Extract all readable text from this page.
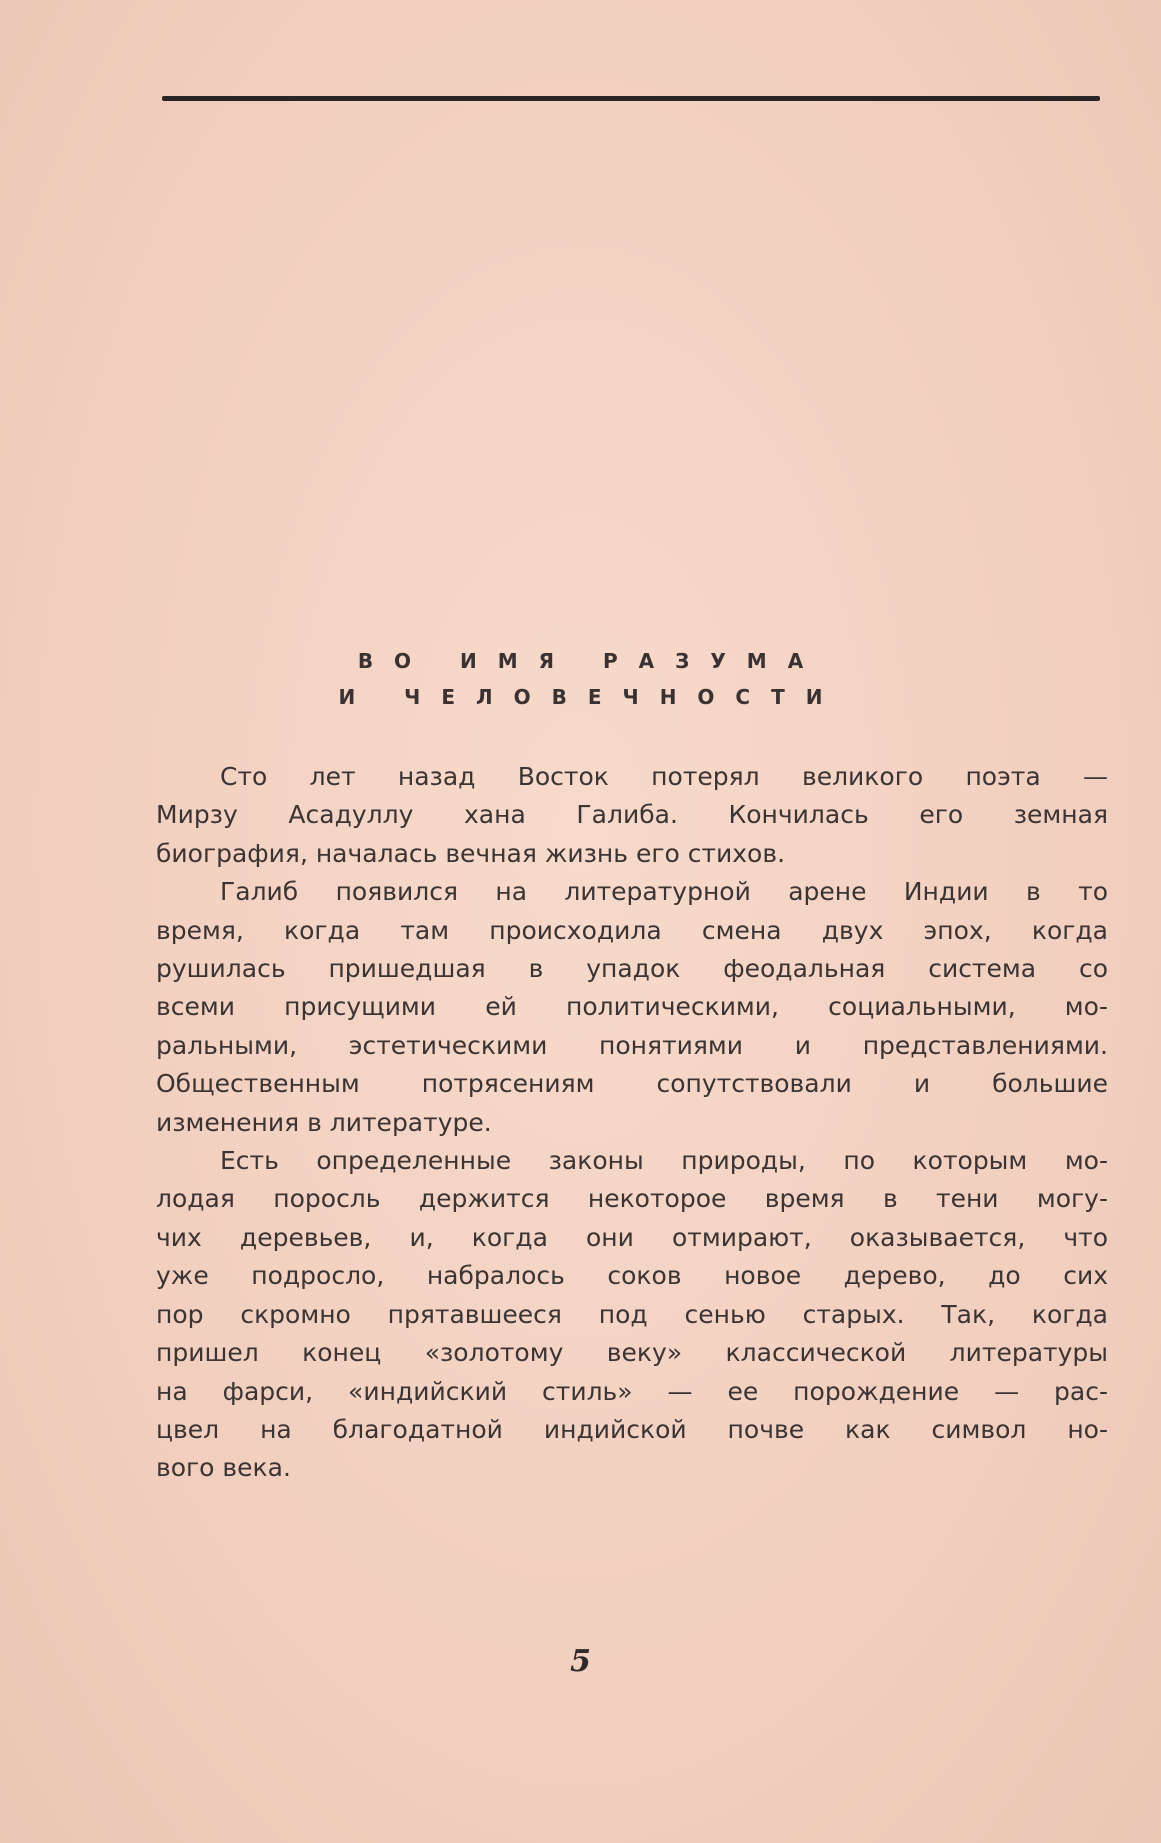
ВО ИМЯ РАЗУМА
И ЧЕЛОВЕЧНОСТИ
Сто лет назад Восток потерял великого поэта —
Мирзу Асадуллу хана Галиба. Кончилась его земная
биография, началась вечная жизнь его стихов.
Галиб появился на литературной арене Индии в то
время, когда там происходила смена двух эпох, когда
рушилась пришедшая в упадок феодальная система со
всеми присущими ей политическими, социальными, мо-
ральными, эстетическими понятиями и представлениями.
Общественным потрясениям сопутствовали и большие
изменения в литературе.
Есть определенные законы природы, по которым мо-
лодая поросль держится некоторое время в тени могу-
чих деревьев, и, когда они отмирают, оказывается, что
уже подросло, набралось соков новое дерево, до сих
пор скромно прятавшееся под сенью старых. Так, когда
пришел конец «золотому веку» классической литературы
на фарси, «индийский стиль» — ее порождение — рас-
цвел на благодатной индийской почве как символ но-
вого века.
5
